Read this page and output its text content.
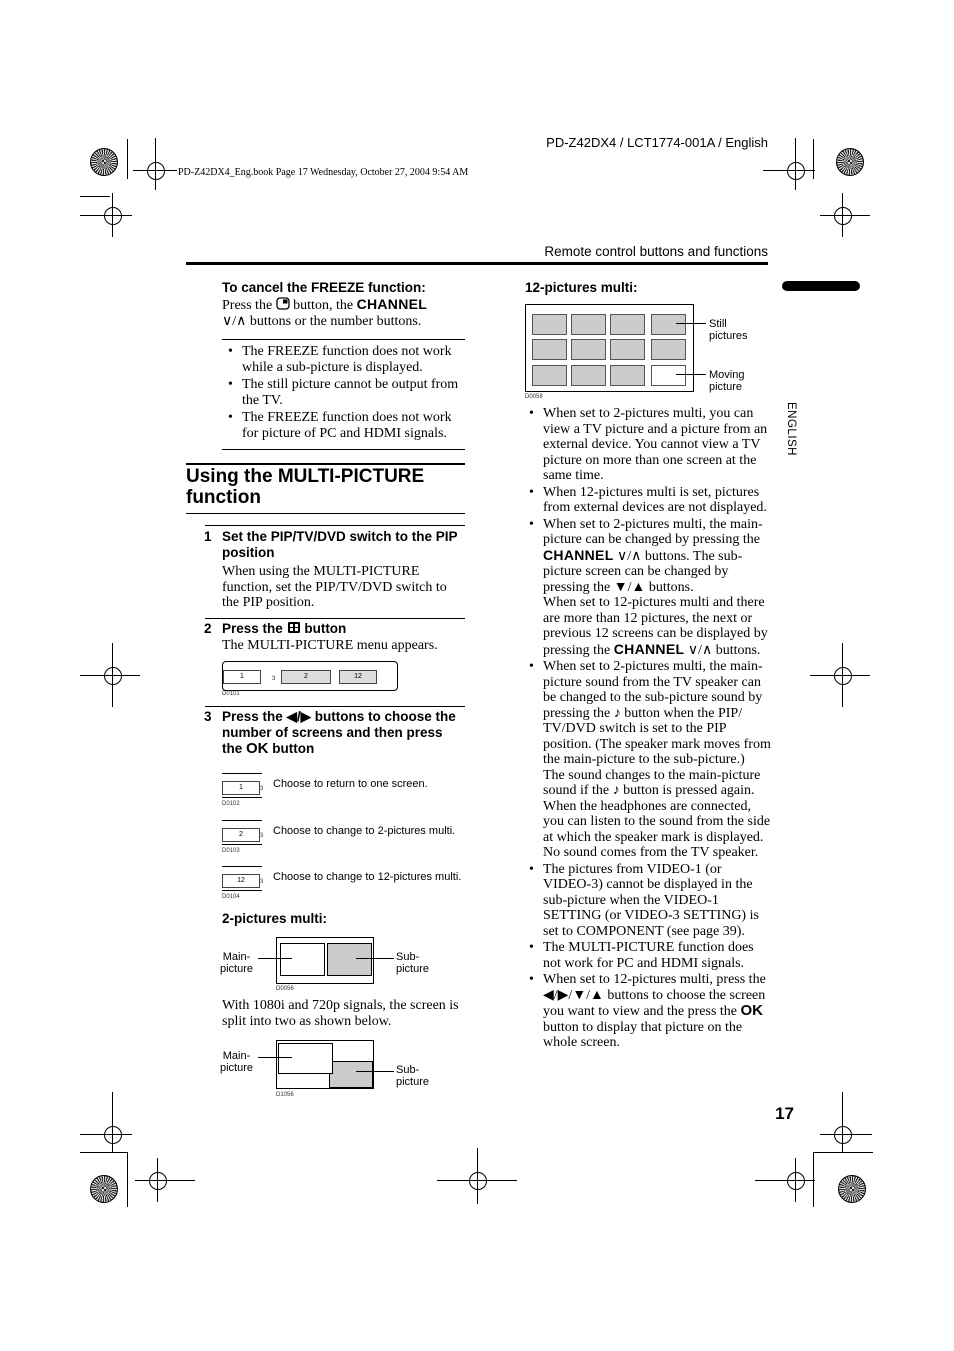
PD-Z42DX4 / LCT1774-001A / English
PD-Z42DX4_Eng.book Page 17 Wednesday, October 27, 2004 9:54 AM
Remote control buttons and functions
ENGLISH
To cancel the FREEZE function:
Press the button, the CHANNEL
∨/∧ buttons or the number buttons.
• The FREEZE function does not work while a sub-picture is displayed.
• The still picture cannot be output from the TV.
• The FREEZE function does not work for picture of PC and HDMI signals.
Using the MULTI-PICTURE function
1 Set the PIP/TV/DVD switch to the PIP position
When using the MULTI-PICTURE function, set the PIP/TV/DVD switch to the PIP position.
2 Press the button
The MULTI-PICTURE menu appears.
1	3	2	12
D0101
3 Press the ◀/▶ buttons to choose the number of screens and then press the OK button
1	3
D0102
Choose to return to one screen.
2	3
D0103
Choose to change to 2-pictures multi.
12	3
D0104
Choose to change to 12-pictures multi.
2-pictures multi:
Main-
picture
Sub-
picture
D0056
With 1080i and 720p signals, the screen is split into two as shown below.
Main-
picture	Sub-
picture
D1056
12-pictures multi:
Still
pictures
Moving
picture
D0058
• When set to 2-pictures multi, you can view a TV picture and a picture from an external device. You cannot view a TV picture on more than one screen at the same time.
• When 12-pictures multi is set, pictures from external devices are not displayed.
• When set to 2-pictures multi, the main-picture can be changed by pressing the CHANNEL ∨/∧ buttons. The sub-picture screen can be changed by pressing the ▼/▲ buttons.
When set to 12-pictures multi and there are more than 12 pictures, the next or previous 12 screens can be displayed by pressing the CHANNEL ∨/∧ buttons.
• When set to 2-pictures multi, the main-picture sound from the TV speaker can be changed to the sub-picture sound by pressing the ♪ button when the PIP/ TV/DVD switch is set to the PIP position. (The speaker mark moves from the main-picture to the sub-picture.)
The sound changes to the main-picture sound if the ♪ button is pressed again. When the headphones are connected, you can listen to the sound from the side at which the speaker mark is displayed. No sound comes from the TV speaker.
• The pictures from VIDEO-1 (or VIDEO-3) cannot be displayed in the sub-picture when the VIDEO-1 SETTING (or VIDEO-3 SETTING) is set to COMPONENT (see page 39).
• The MULTI-PICTURE function does not work for PC and HDMI signals.
• When set to 12-pictures multi, press the ◀/▶/▼/▲ buttons to choose the screen you want to view and the press the OK button to display that picture on the whole screen.
17
